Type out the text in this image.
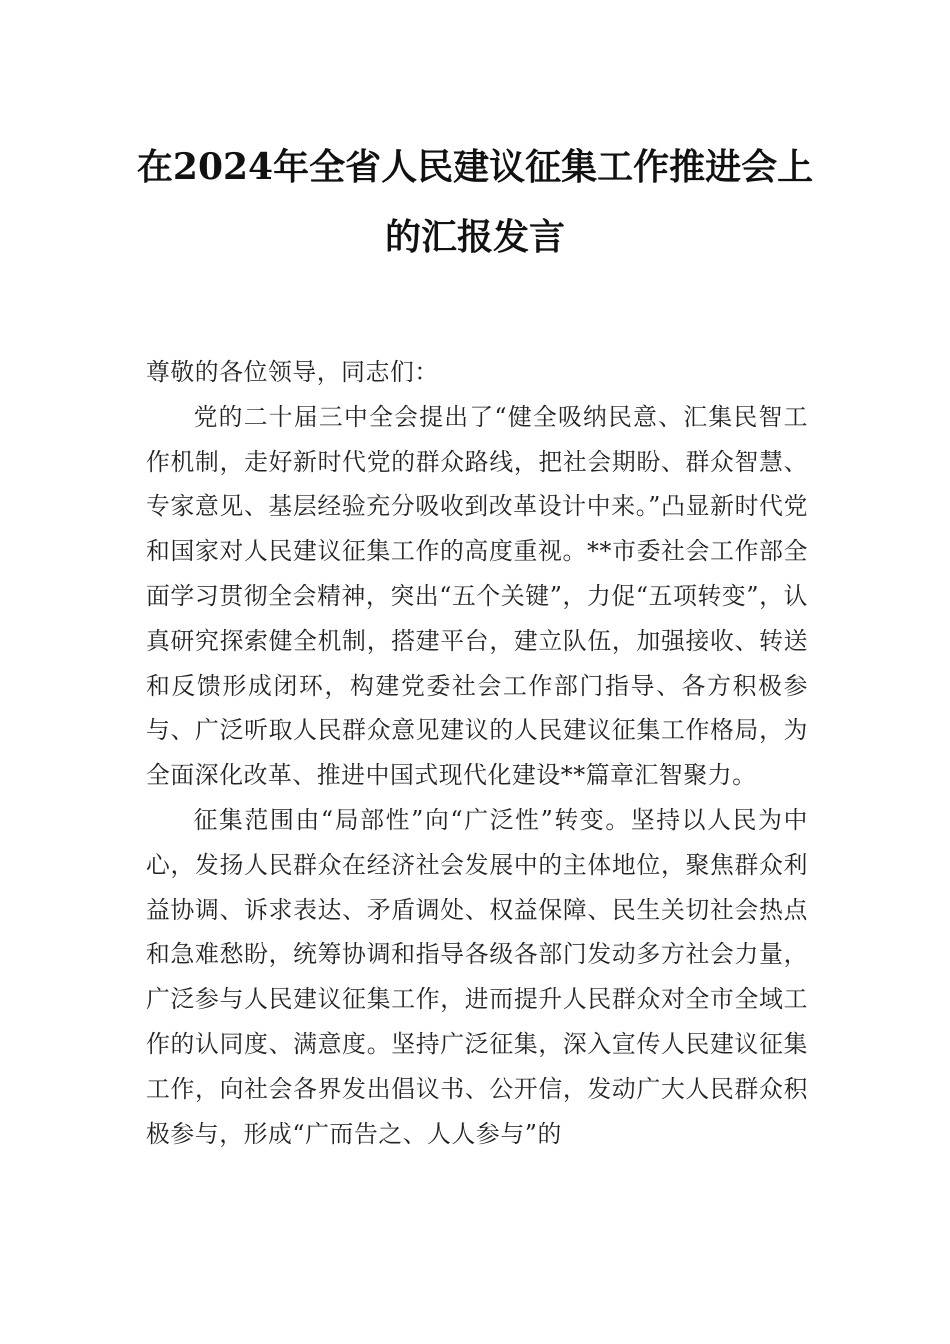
在2024年全省人民建议征集工作推进会上
的汇报发言

尊敬的各位领导，同志们：

党的二十届三中全会提出了“健全吸纳民意、汇集民智工作机制，走好新时代党的群众路线，把社会期盼、群众智慧、专家意见、基层经验充分吸收到改革设计中来。”凸显新时代党和国家对人民建议征集工作的高度重视。**市委社会工作部全面学习贯彻全会精神，突出“五个关键”，力促“五项转变”，认真研究探索健全机制，搭建平台，建立队伍，加强接收、转送和反馈形成闭环，构建党委社会工作部门指导、各方积极参与、广泛听取人民群众意见建议的人民建议征集工作格局，为全面深化改革、推进中国式现代化建设**篇章汇智聚力。

征集范围由“局部性”向“广泛性”转变。坚持以人民为中心，发扬人民群众在经济社会发展中的主体地位，聚焦群众利益协调、诉求表达、矛盾调处、权益保障、民生关切社会热点和急难愁盼，统筹协调和指导各级各部门发动多方社会力量，广泛参与人民建议征集工作，进而提升人民群众对全市全域工作的认同度、满意度。坚持广泛征集，深入宣传人民建议征集工作，向社会各界发出倡议书、公开信，发动广大人民群众积极参与，形成“广而告之、人人参与”的
